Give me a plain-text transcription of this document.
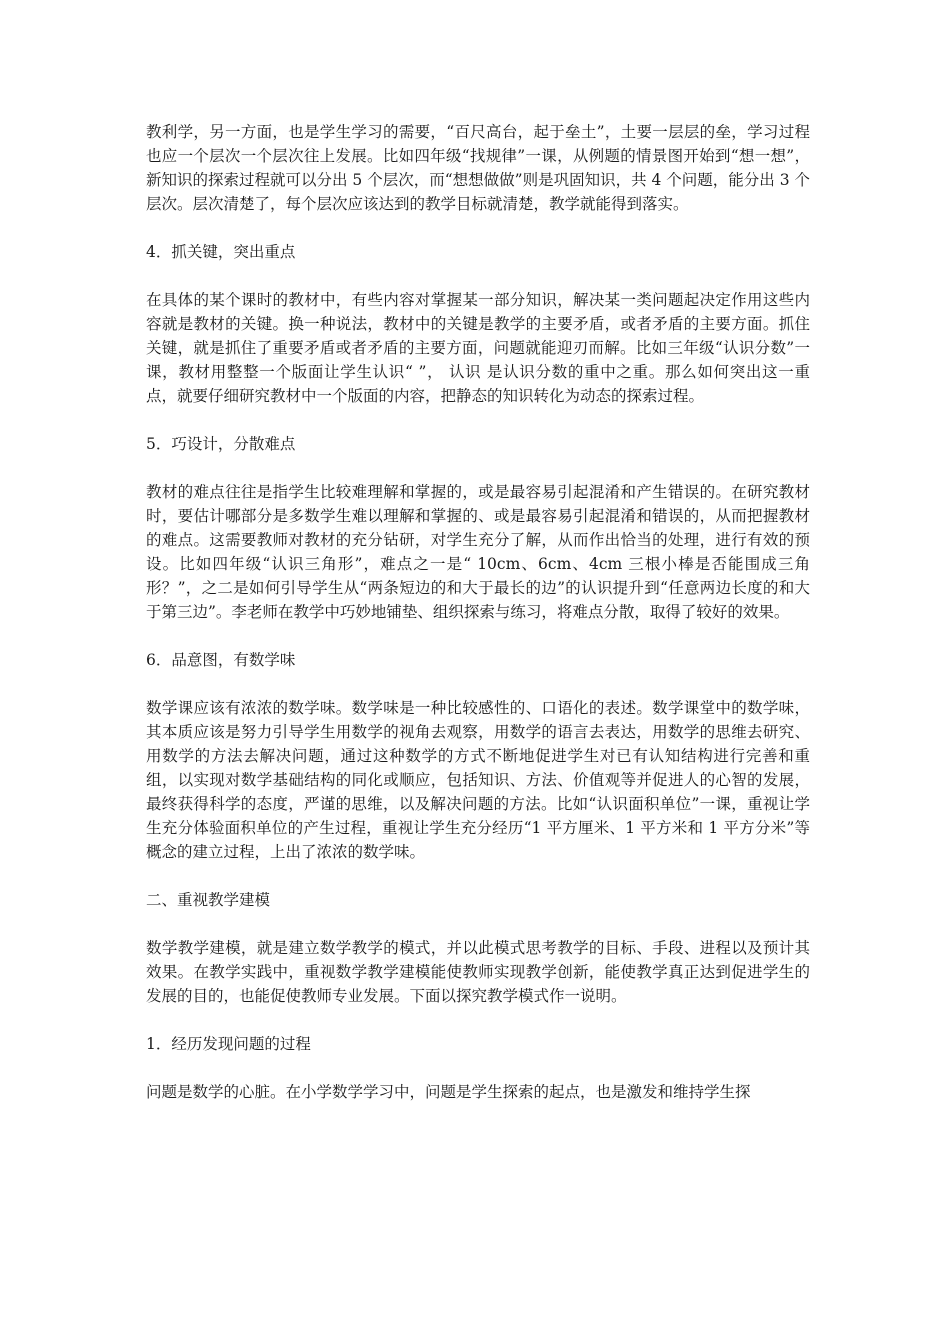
教利学，另一方面，也是学生学习的需要，“百尺高台，起于垒土”，土要一层层的垒，学习过程也应一个层次一个层次往上发展。比如四年级“找规律”一课，从例题的情景图开始到“想一想”，新知识的探索过程就可以分出 5 个层次，而“想想做做”则是巩固知识，共 4 个问题，能分出 3 个层次。层次清楚了，每个层次应该达到的教学目标就清楚，教学就能得到落实。

4．抓关键，突出重点

在具体的某个课时的教材中，有些内容对掌握某一部分知识，解决某一类问题起决定作用这些内容就是教材的关键。换一种说法，教材中的关键是教学的主要矛盾，或者矛盾的主要方面。抓住关键，就是抓住了重要矛盾或者矛盾的主要方面，问题就能迎刃而解。比如三年级“认识分数”一课，教材用整整一个版面让学生认识“ ”， 认识 是认识分数的重中之重。那么如何突出这一重点，就要仔细研究教材中一个版面的内容，把静态的知识转化为动态的探索过程。

5．巧设计，分散难点

教材的难点往往是指学生比较难理解和掌握的，或是最容易引起混淆和产生错误的。在研究教材时，要估计哪部分是多数学生难以理解和掌握的、或是最容易引起混淆和错误的，从而把握教材的难点。这需要教师对教材的充分钻研，对学生充分了解，从而作出恰当的处理，进行有效的预设。比如四年级“认识三角形”，难点之一是“ 10cm、6cm、4cm 三根小棒是否能围成三角形？”，之二是如何引导学生从“两条短边的和大于最长的边”的认识提升到“任意两边长度的和大于第三边”。李老师在教学中巧妙地铺垫、组织探索与练习，将难点分散，取得了较好的效果。

6．品意图，有数学味

数学课应该有浓浓的数学味。数学味是一种比较感性的、口语化的表述。数学课堂中的数学味，其本质应该是努力引导学生用数学的视角去观察，用数学的语言去表达，用数学的思维去研究、用数学的方法去解决问题，通过这种数学的方式不断地促进学生对已有认知结构进行完善和重组，以实现对数学基础结构的同化或顺应，包括知识、方法、价值观等并促进人的心智的发展，最终获得科学的态度，严谨的思维，以及解决问题的方法。比如“认识面积单位”一课，重视让学生充分体验面积单位的产生过程，重视让学生充分经历“1 平方厘米、1 平方米和 1 平方分米”等概念的建立过程，上出了浓浓的数学味。

二、重视教学建模

数学教学建模，就是建立数学教学的模式，并以此模式思考教学的目标、手段、进程以及预计其效果。在教学实践中，重视数学教学建模能使教师实现教学创新，能使教学真正达到促进学生的发展的目的，也能促使教师专业发展。下面以探究教学模式作一说明。

1．经历发现问题的过程

问题是数学的心脏。在小学数学学习中，问题是学生探索的起点，也是激发和维持学生探
